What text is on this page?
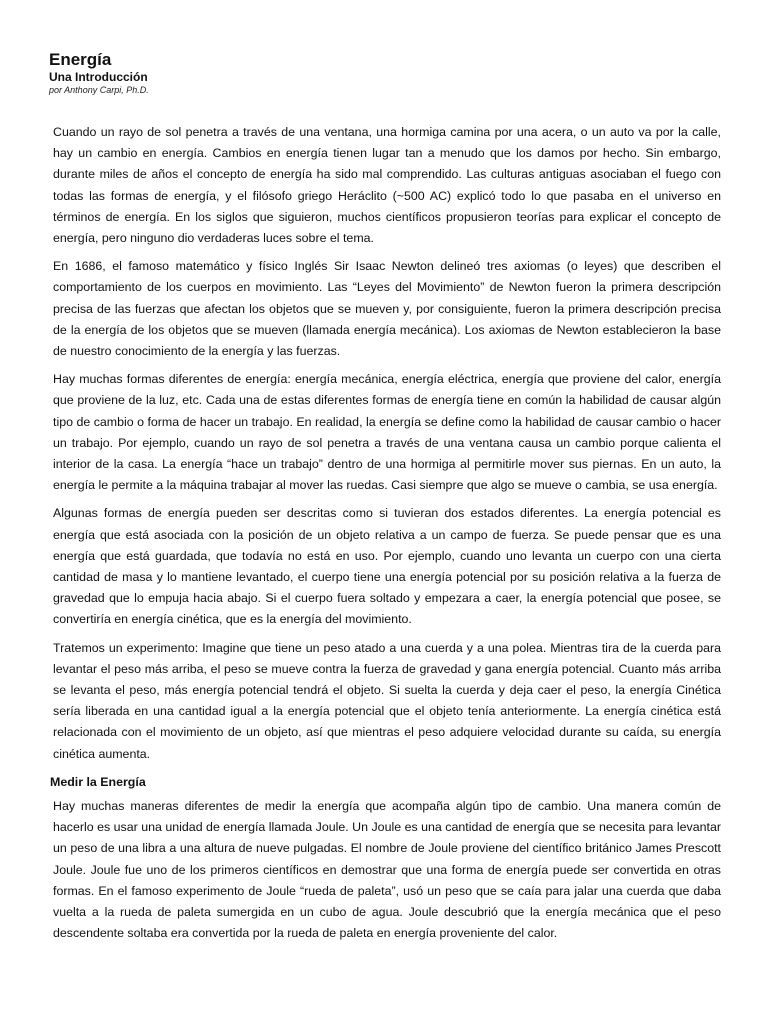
Energía
Una Introducción
por Anthony Carpi, Ph.D.

Cuando un rayo de sol penetra a través de una ventana, una hormiga camina por una acera, o un auto va por la calle, hay un cambio en energía. Cambios en energía tienen lugar tan a menudo que los damos por hecho. Sin embargo, durante miles de años el concepto de energía ha sido mal comprendido. Las culturas antiguas asociaban el fuego con todas las formas de energía, y el filósofo griego Heráclito (~500 AC) explicó todo lo que pasaba en el universo en términos de energía. En los siglos que siguieron, muchos científicos propusieron teorías para explicar el concepto de energía, pero ninguno dio verdaderas luces sobre el tema.

En 1686, el famoso matemático y físico Inglés Sir Isaac Newton delineó tres axiomas (o leyes) que describen el comportamiento de los cuerpos en movimiento. Las “Leyes del Movimiento” de Newton fueron la primera descripción precisa de las fuerzas que afectan los objetos que se mueven y, por consiguiente, fueron la primera descripción precisa de la energía de los objetos que se mueven (llamada energía mecánica). Los axiomas de Newton establecieron la base de nuestro conocimiento de la energía y las fuerzas.

Hay muchas formas diferentes de energía: energía mecánica, energía eléctrica, energía que proviene del calor, energía que proviene de la luz, etc. Cada una de estas diferentes formas de energía tiene en común la habilidad de causar algún tipo de cambio o forma de hacer un trabajo. En realidad, la energía se define como la habilidad de causar cambio o hacer un trabajo. Por ejemplo, cuando un rayo de sol penetra a través de una ventana causa un cambio porque calienta el interior de la casa. La energía “hace un trabajo” dentro de una hormiga al permitirle mover sus piernas. En un auto, la energía le permite a la máquina trabajar al mover las ruedas. Casi siempre que algo se mueve o cambia, se usa energía.

Algunas formas de energía pueden ser descritas como si tuvieran dos estados diferentes. La energía potencial es energía que está asociada con la posición de un objeto relativa a un campo de fuerza. Se puede pensar que es una energía que está guardada, que todavía no está en uso. Por ejemplo, cuando uno levanta un cuerpo con una cierta cantidad de masa y lo mantiene levantado, el cuerpo tiene una energía potencial por su posición relativa a la fuerza de gravedad que lo empuja hacia abajo. Si el cuerpo fuera soltado y empezara a caer, la energía potencial que posee, se convertiría en energía cinética, que es la energía del movimiento.

Tratemos un experimento: Imagine que tiene un peso atado a una cuerda y a una polea. Mientras tira de la cuerda para levantar el peso más arriba, el peso se mueve contra la fuerza de gravedad y gana energía potencial. Cuanto más arriba se levanta el peso, más energía potencial tendrá el objeto. Si suelta la cuerda y deja caer el peso, la energía Cinética sería liberada en una cantidad igual a la energía potencial que el objeto tenía anteriormente. La energía cinética está relacionada con el movimiento de un objeto, así que mientras el peso adquiere velocidad durante su caída, su energía cinética aumenta.

Medir la Energía

Hay muchas maneras diferentes de medir la energía que acompaña algún tipo de cambio. Una manera común de hacerlo es usar una unidad de energía llamada Joule. Un Joule es una cantidad de energía que se necesita para levantar un peso de una libra a una altura de nueve pulgadas. El nombre de Joule proviene del científico británico James Prescott Joule. Joule fue uno de los primeros científicos en demostrar que una forma de energía puede ser convertida en otras formas. En el famoso experimento de Joule “rueda de paleta”, usó un peso que se caía para jalar una cuerda que daba vuelta a la rueda de paleta sumergida en un cubo de agua. Joule descubrió que la energía mecánica que el peso descendente soltaba era convertida por la rueda de paleta en energía proveniente del calor.
